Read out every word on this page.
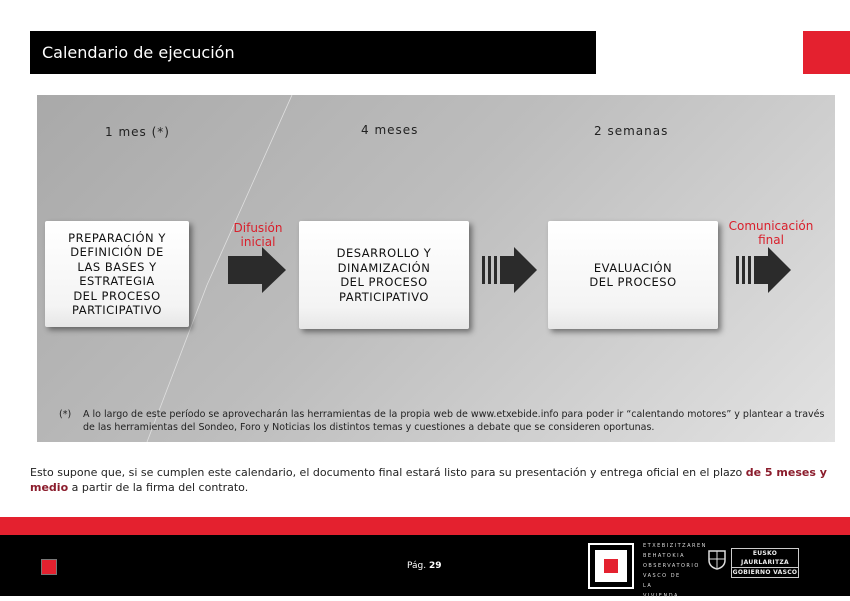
Calendario de ejecución
1 mes (*)	4 meses	2 semanas
PREPARACIÓN Y
DEFINICIÓN DE
LAS BASES Y
ESTRATEGIA
DEL PROCESO
PARTICIPATIVO
DESARROLLO Y
DINAMIZACIÓN
DEL PROCESO
PARTICIPATIVO
EVALUACIÓN
DEL PROCESO
Difusión
inicial
Comunicación
final
(*) A lo largo de este período se aprovecharán las herramientas de la propia web de www.etxebide.info para poder ir “calentando motores” y plantear a través de las herramientas del Sondeo, Foro y Noticias los distintos temas y cuestiones a debate que se consideren oportunas.
Esto supone que, si se cumplen este calendario, el documento final estará listo para su presentación y entrega oficial en el plazo de 5 meses y medio a partir de la firma del contrato.
Pág. 29
ETXEBIZITZAREN
BEHATOKIA
OBSERVATORIO
VASCO DE LA
VIVIENDA
EUSKO JAURLARITZA
GOBIERNO VASCO
